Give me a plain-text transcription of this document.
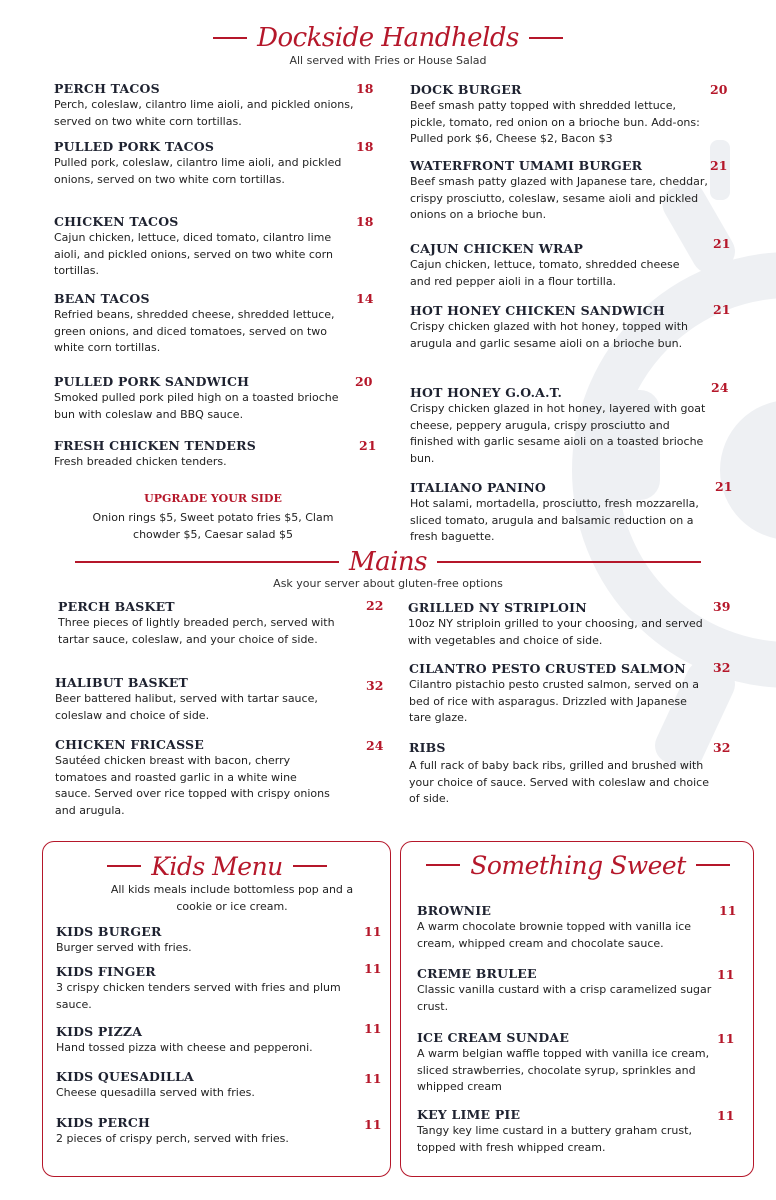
Dockside Handhelds
All served with Fries or House Salad
PERCH TACOS
Perch, coleslaw, cilantro lime aioli, and pickled onions, served on two white corn tortillas.
18
PULLED PORK TACOS
Pulled pork, coleslaw, cilantro lime aioli, and pickled onions, served on two white corn tortillas.
18
CHICKEN TACOS
Cajun chicken, lettuce, diced tomato, cilantro lime aioli, and pickled onions, served on two white corn tortillas.
18
BEAN TACOS
Refried beans, shredded cheese, shredded lettuce, green onions, and diced tomatoes, served on two white corn tortillas.
14
PULLED PORK SANDWICH
Smoked pulled pork piled high on a toasted brioche bun with coleslaw and BBQ sauce.
20
FRESH CHICKEN TENDERS
Fresh breaded chicken tenders.
21
UPGRADE YOUR SIDE
Onion rings $5, Sweet potato fries $5, Clam chowder $5, Caesar salad $5
DOCK BURGER
Beef smash patty topped with shredded lettuce, pickle, tomato, red onion on a brioche bun. Add-ons: Pulled pork $6, Cheese $2, Bacon $3
20
WATERFRONT UMAMI BURGER
Beef smash patty glazed with Japanese tare, cheddar, crispy prosciutto, coleslaw, sesame aioli and pickled onions on a brioche bun.
21
CAJUN CHICKEN WRAP
Cajun chicken, lettuce, tomato, shredded cheese and red pepper aioli in a flour tortilla.
21
HOT HONEY CHICKEN SANDWICH
Crispy chicken glazed with hot honey, topped with arugula and garlic sesame aioli on a brioche bun.
21
HOT HONEY G.O.A.T.
Crispy chicken glazed in hot honey, layered with goat cheese, peppery arugula, crispy prosciutto and finished with garlic sesame aioli on a toasted brioche bun.
24
ITALIANO PANINO
Hot salami, mortadella, prosciutto, fresh mozzarella, sliced tomato, arugula and balsamic reduction on a fresh baguette.
21
Mains
Ask your server about gluten-free options
PERCH BASKET
Three pieces of lightly breaded perch, served with tartar sauce, coleslaw, and your choice of side.
22
HALIBUT BASKET
Beer battered halibut, served with tartar sauce, coleslaw and choice of side.
32
CHICKEN FRICASSE
Sautéed chicken breast with bacon, cherry tomatoes and roasted garlic in a white wine sauce. Served over rice topped with crispy onions and arugula.
24
GRILLED NY STRIPLOIN
10oz NY striploin grilled to your choosing, and served with vegetables and choice of side.
39
CILANTRO PESTO CRUSTED SALMON
Cilantro pistachio pesto crusted salmon, served on a bed of rice with asparagus. Drizzled with Japanese tare glaze.
32
RIBS
A full rack of baby back ribs, grilled and brushed with your choice of sauce. Served with coleslaw and choice of side.
32
Kids Menu
All kids meals include bottomless pop and a cookie or ice cream.
KIDS BURGER
Burger served with fries.
11
KIDS FINGER
3 crispy chicken tenders served with fries and plum sauce.
11
KIDS PIZZA
Hand tossed pizza with cheese and pepperoni.
11
KIDS QUESADILLA
Cheese quesadilla served with fries.
11
KIDS PERCH
2 pieces of crispy perch, served with fries.
11
Something Sweet
BROWNIE
A warm chocolate brownie topped with vanilla ice cream, whipped cream and chocolate sauce.
11
CREME BRULEE
Classic vanilla custard with a crisp caramelized sugar crust.
11
ICE CREAM SUNDAE
A warm belgian waffle topped with vanilla ice cream, sliced strawberries, chocolate syrup, sprinkles and whipped cream
11
KEY LIME PIE
Tangy key lime custard in a buttery graham crust, topped with fresh whipped cream.
11
